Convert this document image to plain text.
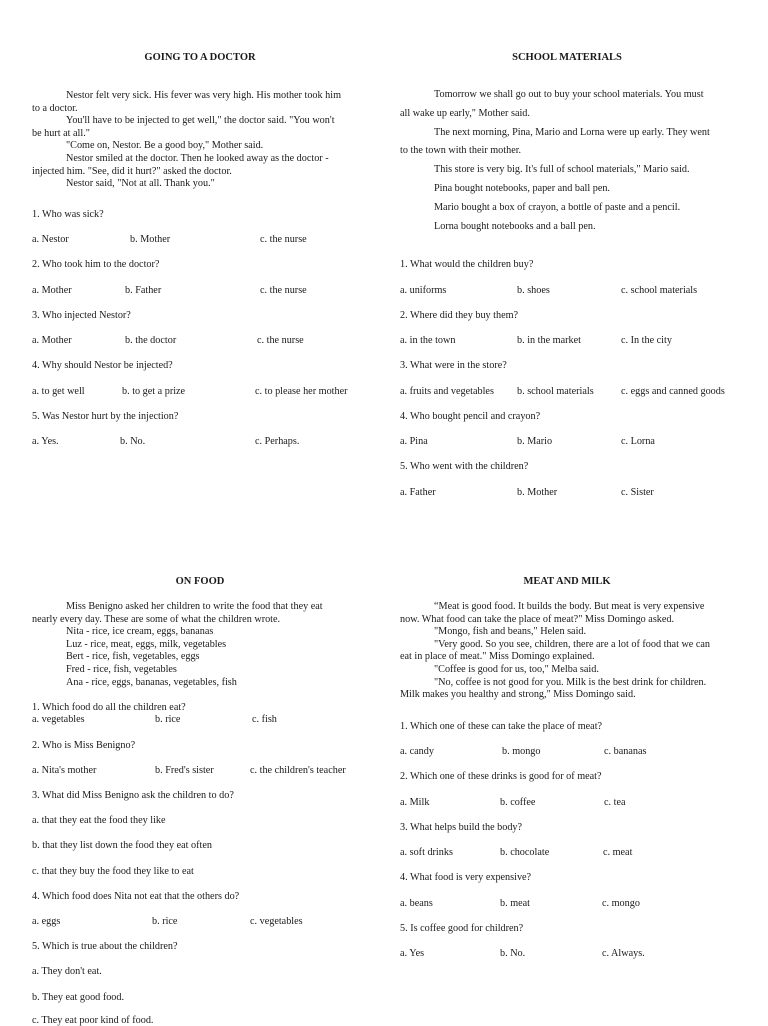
GOING TO A DOCTOR
Nestor felt very sick. His fever was very high. His mother took him
to a doctor.
You'll have to be injected to get well," the doctor said. "You won't
be hurt at all."
"Come on, Nestor. Be a good boy," Mother said.
Nestor smiled at the doctor. Then he looked away as the doctor -
injected him. "See, did it hurt?" asked the doctor.
Nestor said, "Not at all. Thank you."
1. Who was sick?
a. Nestor	b. Mother	c. the nurse
2. Who took him to the doctor?
a. Mother	b. Father	c. the nurse
3. Who injected Nestor?
a. Mother	b. the doctor	c. the nurse
4. Why should Nestor be injected?
a. to get well	b. to get a prize	c. to please her mother
5. Was Nestor hurt by the injection?
a. Yes.	b. No.	c. Perhaps.
SCHOOL MATERIALS
Tomorrow we shall go out to buy your school materials. You must
all wake up early," Mother said.
The next morning, Pina, Mario and Lorna were up early. They went
to the town with their mother.
This store is very big. It's full of school materials," Mario said.
Pina bought notebooks, paper and ball pen.
Mario bought a box of crayon, a bottle of paste and a pencil.
Lorna bought notebooks and a ball pen.
1. What would the children buy?
a. uniforms	b. shoes	c. school materials
2. Where did they buy them?
a. in the town	b. in the market	c. In the city
3. What were in the store?
a. fruits and vegetables b. school materials	c. eggs and canned goods
4. Who bought pencil and crayon?
a. Pina	b. Mario	c. Lorna
5. Who went with the children?
a. Father	b. Mother	c. Sister
ON FOOD
Miss Benigno asked her children to write the food that they eat
nearly every day. These are some of what the children wrote.
Nita - rice, ice cream, eggs, bananas
Luz - rice, meat, eggs, milk, vegetables
Bert - rice, fish, vegetables, eggs
Fred - rice, fish, vegetables
Ana - rice, eggs, bananas, vegetables, fish
1. Which food do all the children eat?
a. vegetables	b. rice	c. fish
2. Who is Miss Benigno?
a. Nita's mother	b. Fred's sister	c. the children's teacher
3. What did Miss Benigno ask the children to do?
a. that they eat the food they like
b. that they list down the food they eat often
c. that they buy the food they like to eat
4. Which food does Nita not eat that the others do?
a. eggs	b. rice	c. vegetables
5. Which is true about the children?
a. They don't eat.
b. They eat good food.
c. They eat poor kind of food.
MEAT AND MILK
“Meat is good food. It builds the body. But meat is very expensive
now. What food can take the place of meat?" Miss Domingo asked.
"Mongo, fish and beans," Helen said.
"Very good. So you see, children, there are a lot of food that we can
eat in place of meat." Miss Domingo explained.
"Coffee is good for us, too," Melba said.
"No, coffee is not good for you. Milk is the best drink for children.
Milk makes you healthy and strong," Miss Domingo said.
1. Which one of these can take the place of meat?
a. candy	b. mongo	c. bananas
2. Which one of these drinks is good for of meat?
a. Milk	b. coffee	c. tea
3. What helps build the body?
a. soft drinks	b. chocolate	c. meat
4. What food is very expensive?
a. beans	b. meat	c. mongo
5. Is coffee good for children?
a. Yes	b. No.	c. Always.
